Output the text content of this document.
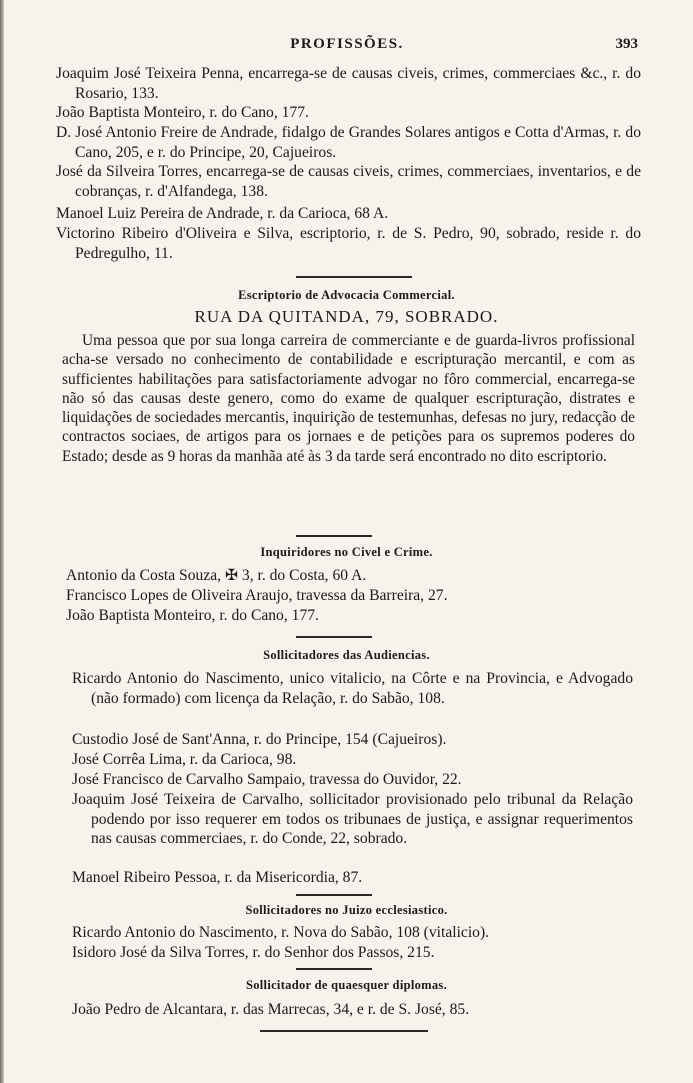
PROFISSÕES.	393
Joaquim José Teixeira Penna, encarrega-se de causas civeis, crimes, commerciaes &c., r. do Rosario, 133.
João Baptista Monteiro, r. do Cano, 177.
D. José Antonio Freire de Andrade, fidalgo de Grandes Solares antigos e Cotta d'Armas, r. do Cano, 205, e r. do Principe, 20, Cajueiros.
José da Silveira Torres, encarrega-se de causas civeis, crimes, commerciaes, inventarios, e de cobranças, r. d'Alfandega, 138.
Manoel Luiz Pereira de Andrade, r. da Carioca, 68 A.
Victorino Ribeiro d'Oliveira e Silva, escriptorio, r. de S. Pedro, 90, sobrado, reside r. do Pedregulho, 11.
Escriptorio de Advocacia Commercial.
RUA DA QUITANDA, 79, SOBRADO.
Uma pessoa que por sua longa carreira de commerciante e de guarda-livros profissional acha-se versado no conhecimento de contabilidade e escripturação mercantil, e com as sufficientes habilitações para satisfactoriamente advogar no fôro commercial, encarrega-se não só das causas deste genero, como do exame de qualquer escripturação, distrates e liquidações de sociedades mercantis, inquirição de testemunhas, defesas no jury, redacção de contractos sociaes, de artigos para os jornaes e de petições para os supremos poderes do Estado; desde as 9 horas da manhãa até às 3 da tarde será encontrado no dito escriptorio.
Inquiridores no Civel e Crime.
Antonio da Costa Souza, ✠ 3, r. do Costa, 60 A.
Francisco Lopes de Oliveira Araujo, travessa da Barreira, 27.
João Baptista Monteiro, r. do Cano, 177.
Sollicitadores das Audiencias.
Ricardo Antonio do Nascimento, unico vitalicio, na Côrte e na Provincia, e Advogado (não formado) com licença da Relação, r. do Sabão, 108.
Custodio José de Sant'Anna, r. do Principe, 154 (Cajueiros).
José Corrêa Lima, r. da Carioca, 98.
José Francisco de Carvalho Sampaio, travessa do Ouvidor, 22.
Joaquim José Teixeira de Carvalho, sollicitador provisionado pelo tribunal da Relação podendo por isso requerer em todos os tribunaes de justiça, e assignar requerimentos nas causas commerciaes, r. do Conde, 22, sobrado.
Manoel Ribeiro Pessoa, r. da Misericordia, 87.
Sollicitadores no Juizo ecclesiastico.
Ricardo Antonio do Nascimento, r. Nova do Sabão, 108 (vitalicio).
Isidoro José da Silva Torres, r. do Senhor dos Passos, 215.
Sollicitador de quaesquer diplomas.
João Pedro de Alcantara, r. das Marrecas, 34, e r. de S. José, 85.
